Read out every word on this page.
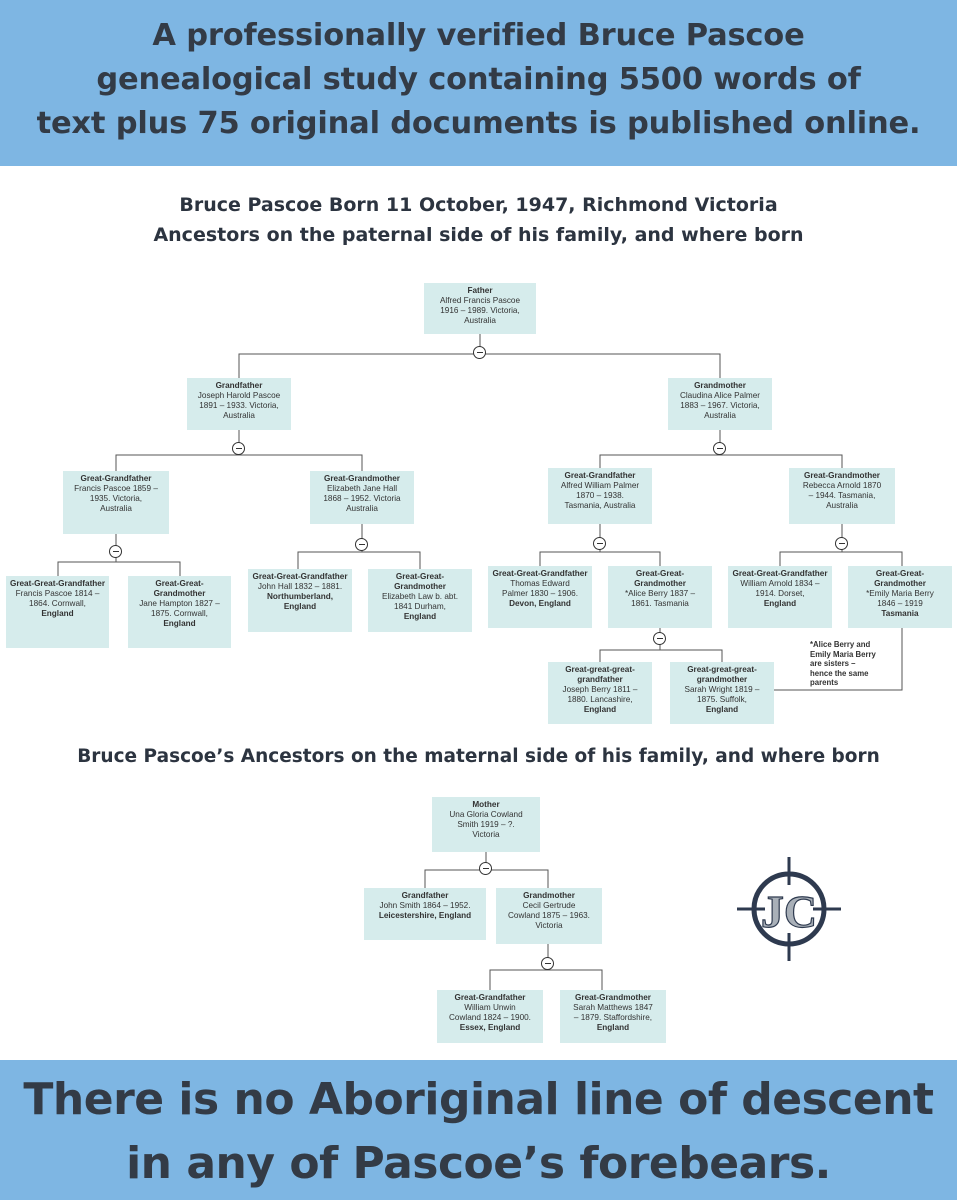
A professionally verified Bruce Pascoe
genealogical study containing 5500 words of
text plus 75 original documents is published online.
Bruce Pascoe Born 11 October, 1947, Richmond Victoria
Ancestors on the paternal side of his family, and where born
Father
Alfred Francis Pascoe
1916 – 1989. Victoria,
Australia
Grandfather
Joseph Harold Pascoe
1891 – 1933. Victoria,
Australia
Grandmother
Claudina Alice Palmer
1883 – 1967. Victoria,
Australia
Great-Grandfather
Francis Pascoe 1859 –
1935. Victoria,
Australia
Great-Grandmother
Elizabeth Jane Hall
1868 – 1952. Victoria
Australia
Great-Grandfather
Alfred William Palmer
1870 – 1938.
Tasmania, Australia
Great-Grandmother
Rebecca Arnold 1870
– 1944. Tasmania,
Australia
Great-Great-Grandfather
Francis Pascoe 1814 –
1864. Cornwall,
England
Great-Great-Grandmother
Jane Hampton 1827 –
1875. Cornwall,
England
Great-Great-Grandfather
John Hall 1832 – 1881.
Northumberland, England
Great-Great-Grandmother
Elizabeth Law b. abt.
1841 Durham,
England
Great-Great-Grandfather
Thomas Edward
Palmer 1830 – 1906.
Devon, England
Great-Great-Grandmother
*Alice Berry 1837 –
1861. Tasmania
Great-Great-Grandfather
William Arnold 1834 –
1914. Dorset,
England
Great-Great-Grandmother
*Emily Maria Berry
1846 – 1919
Tasmania
Great-great-great-grandfather
Joseph Berry 1811 –
1880. Lancashire,
England
Great-great-great-grandmother
Sarah Wright 1819 –
1875. Suffolk,
England
*Alice Berry and
Emily Maria Berry
are sisters –
hence the same
parents
Bruce Pascoe’s Ancestors on the maternal side of his family, and where born
Mother
Una Gloria Cowland
Smith 1919 – ?.
Victoria
Grandfather
John Smith 1864 – 1952.
Leicestershire, England
Grandmother
Cecil Gertrude
Cowland 1875 – 1963.
Victoria
Great-Grandfather
William Unwin
Cowland 1824 – 1900.
Essex, England
Great-Grandmother
Sarah Matthews 1847
– 1879. Staffordshire,
England
JC
There is no Aboriginal line of descent
in any of Pascoe’s forebears.
